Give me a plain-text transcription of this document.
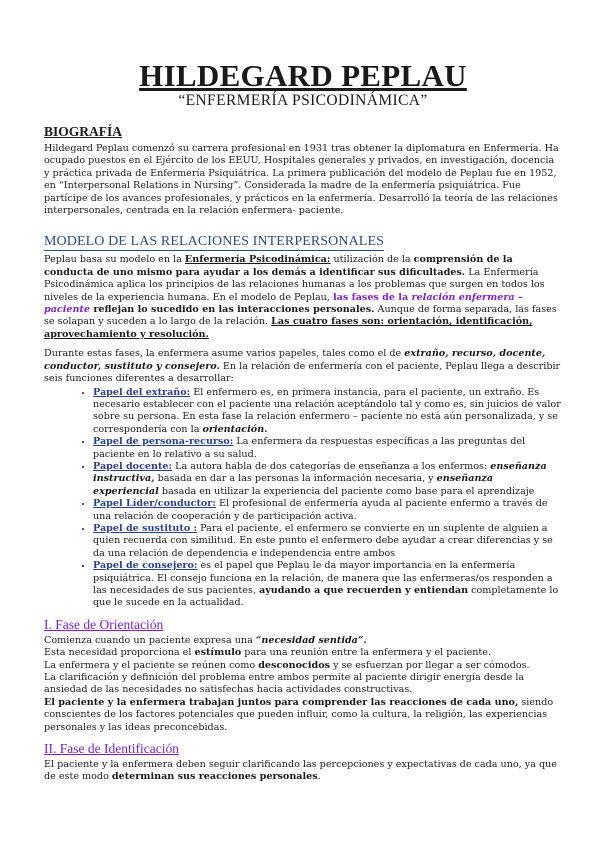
HILDEGARD PEPLAU
“ENFERMERÍA PSICODINÁMICA”
BIOGRAFÍA

Hildegard Peplau comenzó su carrera profesional en 1931 tras obtener la diplomatura en Enfermería. Ha ocupado puestos en el Ejército de los EEUU, Hospitales generales y privados, en investigación, docencia y práctica privada de Enfermería Psiquiátrica. La primera publicación del modelo de Peplau fue en 1952, en “Interpersonal Relations in Nursing”. Considerada la madre de la enfermería psiquiátrica. Fue partícipe de los avances profesionales, y prácticos en la enfermería. Desarrolló la teoría de las relaciones interpersonales, centrada en la relación enfermera- paciente.

MODELO DE LAS RELACIONES INTERPERSONALES

Peplau basa su modelo en la Enfermería Psicodinámica: utilización de la comprensión de la conducta de uno mismo para ayudar a los demás a identificar sus dificultades. La Enfermería Psicodinámica aplica los principios de las relaciones humanas a los problemas que surgen en todos los niveles de la experiencia humana. En el modelo de Peplau, las fases de la relación enfermera – paciente reflejan lo sucedido en las interacciones personales. Aunque de forma separada, las fases se solapan y suceden a lo largo de la relación. Las cuatro fases son: orientación, identificación, aprovechamiento y resolución.

Durante estas fases, la enfermera asume varios papeles, tales como el de extraño, recurso, docente, conductor, sustituto y consejero. En la relación de enfermería con el paciente, Peplau llega a describir seis funciones diferentes a desarrollar:

• Papel del extraño: El enfermero es, en primera instancia, para el paciente, un extraño. Es necesario establecer con el paciente una relación aceptándolo tal y como es, sin juicios de valor sobre su persona. En esta fase la relación enfermero – paciente no está aún personalizada, y se correspondería con la orientación.
• Papel de persona-recurso: La enfermera da respuestas específicas a las preguntas del paciente en lo relativo a su salud.
• Papel docente: La autora habla de dos categorías de enseñanza a los enfermos: enseñanza instructiva, basada en dar a las personas la información necesaria, y enseñanza experiencial basada en utilizar la experiencia del paciente como base para el aprendizaje
• Papel Líder/conductor: El profesional de enfermería ayuda al paciente enfermo a través de una relación de cooperación y de participación activa.
• Papel de sustituto : Para el paciente, el enfermero se convierte en un suplente de alguien a quien recuerda con similitud. En este punto el enfermero debe ayudar a crear diferencias y se da una relación de dependencia e independencia entre ambos
• Papel de consejero: es el papel que Peplau le da mayor importancia en la enfermería psiquiátrica. El consejo funciona en la relación, de manera que las enfermeras/os responden a las necesidades de sus pacientes, ayudando a que recuerden y entiendan completamente lo que le sucede en la actualidad.
I. Fase de Orientación

Comienza cuando un paciente expresa una “necesidad sentida”.

Esta necesidad proporciona el estímulo para una reunión entre la enfermera y el paciente.

La enfermera y el paciente se reúnen como desconocidos y se esfuerzan por llegar a ser cómodos.

La clarificación y definición del problema entre ambos permite al paciente dirigir energía desde la ansiedad de las necesidades no satisfechas hacia actividades constructivas.

El paciente y la enfermera trabajan juntos para comprender las reacciones de cada uno, siendo conscientes de los factores potenciales que pueden influir, como la cultura, la religión, las experiencias personales y las ideas preconcebidas.

II. Fase de Identificación

El paciente y la enfermera deben seguir clarificando las percepciones y expectativas de cada uno, ya que de este modo determinan sus reacciones personales.
